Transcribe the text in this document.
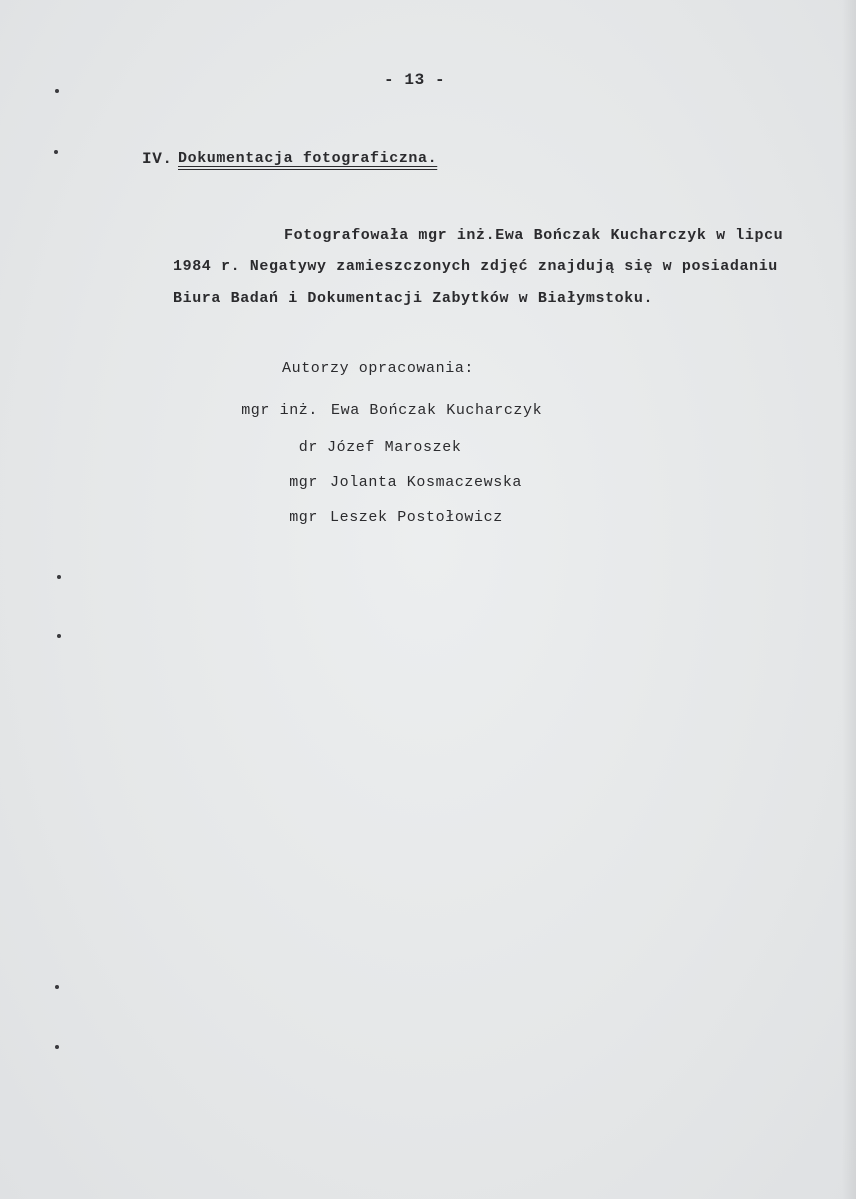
- 13 -
IV. Dokumentacja fotograficzna.
Fotografowała mgr inż.Ewa Bończak Kucharczyk w lipcu
1984 r. Negatywy zamieszczonych zdjęć znajdują się w posiadaniu
Biura Badań i Dokumentacji Zabytków w Białymstoku.
Autorzy opracowania:
mgr inż. Ewa Bończak Kucharczyk
dr Józef Maroszek
mgr Jolanta Kosmaczewska
mgr Leszek Postołowicz
